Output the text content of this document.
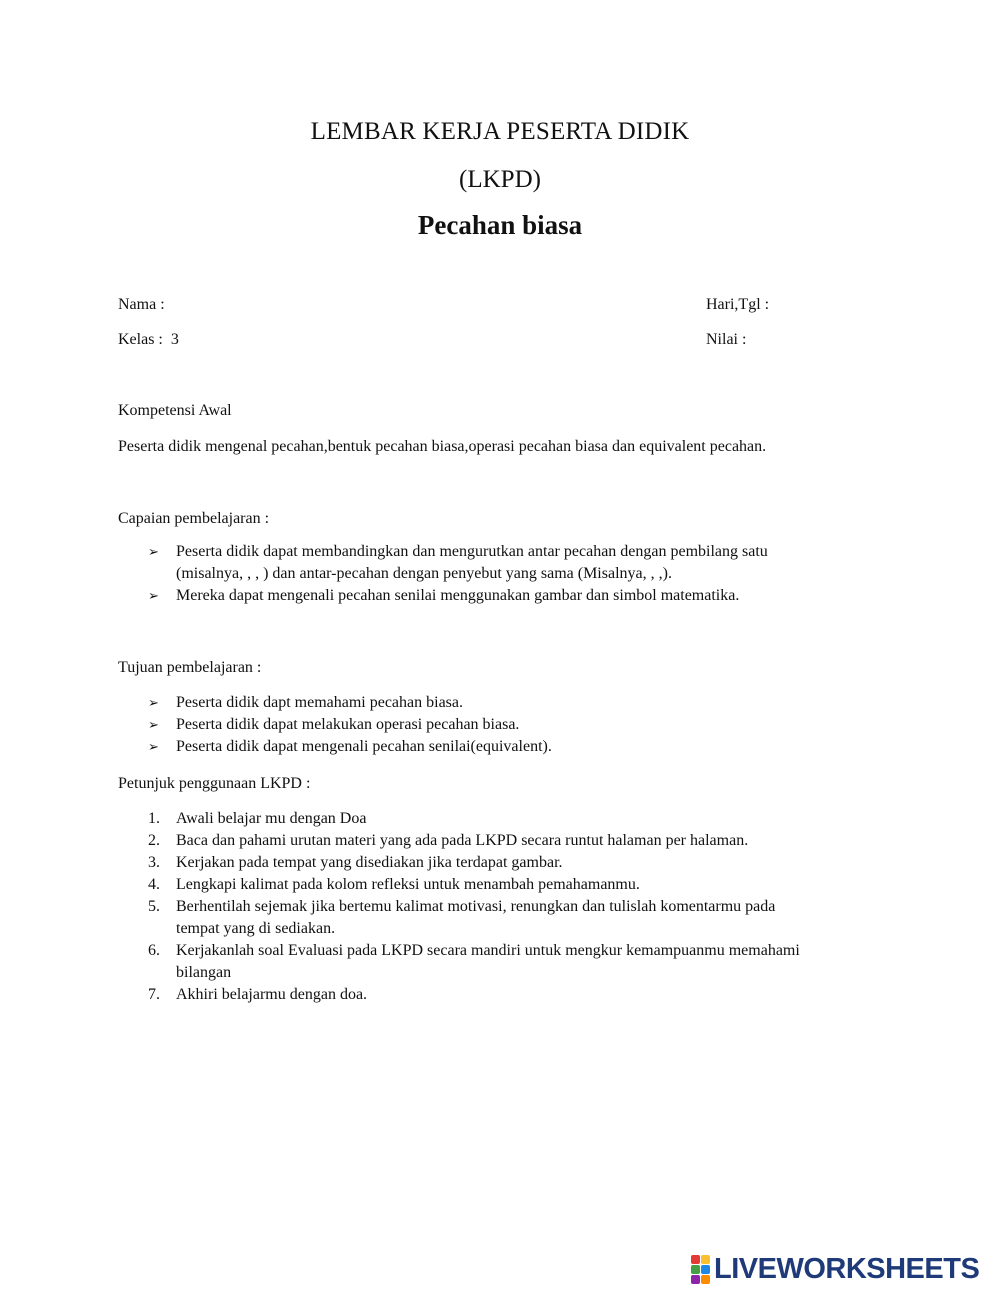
LEMBAR KERJA PESERTA DIDIK
(LKPD)
Pecahan biasa
Nama :	Hari,Tgl :
Kelas : 3	Nilai :
Kompetensi Awal
Peserta didik mengenal pecahan,bentuk pecahan biasa,operasi pecahan biasa dan equivalent pecahan.
Capaian pembelajaran :
➢ Peserta didik dapat membandingkan dan mengurutkan antar pecahan dengan pembilang satu
(misalnya, , , ) dan antar-pecahan dengan penyebut yang sama (Misalnya, , ,).
➢ Mereka dapat mengenali pecahan senilai menggunakan gambar dan simbol matematika.
Tujuan pembelajaran :
➢ Peserta didik dapt memahami pecahan biasa.
➢ Peserta didik dapat melakukan operasi pecahan biasa.
➢ Peserta didik dapat mengenali pecahan senilai(equivalent).
Petunjuk penggunaan LKPD :
1. Awali belajar mu dengan Doa
2. Baca dan pahami urutan materi yang ada pada LKPD secara runtut halaman per halaman.
3. Kerjakan pada tempat yang disediakan jika terdapat gambar.
4. Lengkapi kalimat pada kolom refleksi untuk menambah pemahamanmu.
5. Berhentilah sejemak jika bertemu kalimat motivasi, renungkan dan tulislah komentarmu pada
tempat yang di sediakan.
6. Kerjakanlah soal Evaluasi pada LKPD secara mandiri untuk mengkur kemampuanmu memahami
bilangan
7. Akhiri belajarmu dengan doa.
LIVEWORKSHEETS
